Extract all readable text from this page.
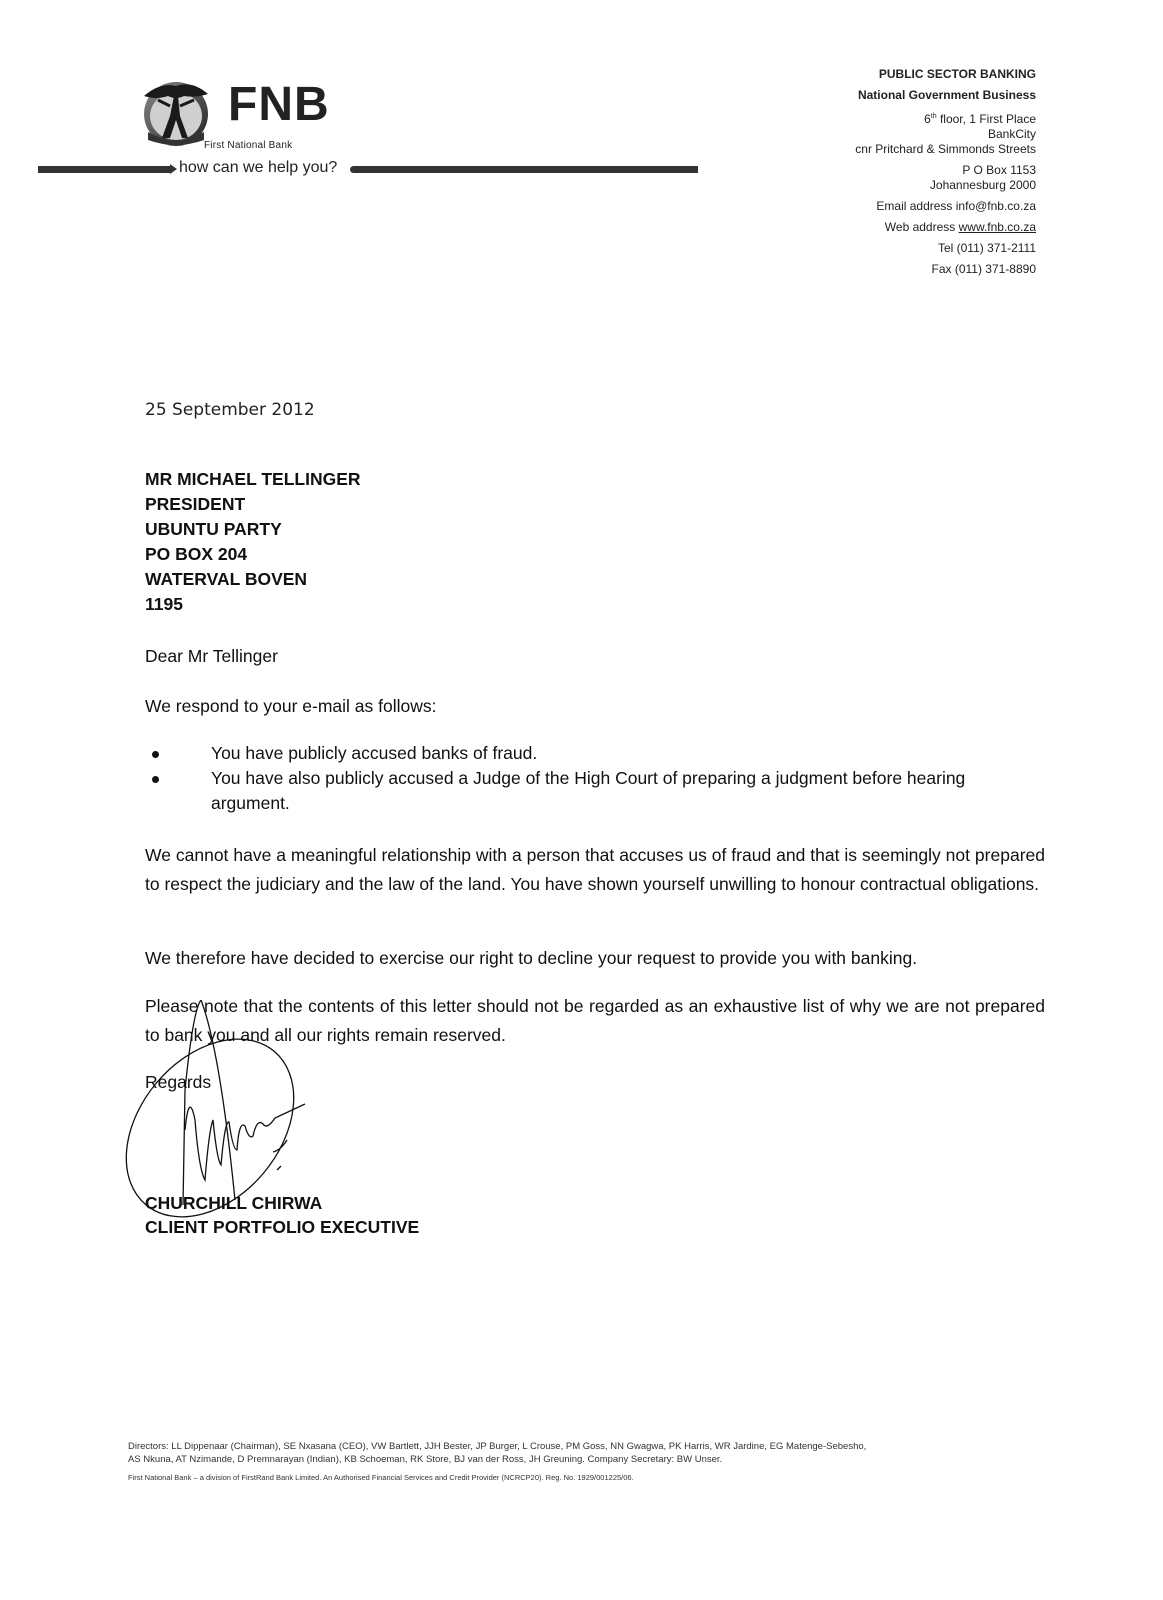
FNB
First National Bank
how can we help you?
PUBLIC SECTOR BANKING
National Government Business
6th floor, 1 First Place
BankCity
cnr Pritchard & Simmonds Streets
P O Box 1153
Johannesburg 2000
Email address info@fnb.co.za
Web address www.fnb.co.za
Tel (011) 371-2111
Fax (011) 371-8890
25 September 2012
MR MICHAEL TELLINGER
PRESIDENT
UBUNTU PARTY
PO BOX 204
WATERVAL BOVEN
1195
Dear Mr Tellinger
We respond to your e-mail as follows:
You have publicly accused banks of fraud.
You have also publicly accused a Judge of the High Court of preparing a judgment before hearing argument.
We cannot have a meaningful relationship with a person that accuses us of fraud and that is seemingly not prepared to respect the judiciary and the law of the land. You have shown yourself unwilling to honour contractual obligations.
We therefore have decided to exercise our right to decline your request to provide you with banking.
Please note that the contents of this letter should not be regarded as an exhaustive list of why we are not prepared to bank you and all our rights remain reserved.
Regards
CHURCHILL CHIRWA
CLIENT PORTFOLIO EXECUTIVE
Directors: LL Dippenaar (Chairman), SE Nxasana (CEO), VW Bartlett, JJH Bester, JP Burger, L Crouse, PM Goss, NN Gwagwa, PK Harris, WR Jardine, EG Matenge-Sebesho,
AS Nkuna, AT Nzimande, D Premnarayan (Indian), KB Schoeman, RK Store, BJ van der Ross, JH Greuning. Company Secretary: BW Unser.
First National Bank – a division of FirstRand Bank Limited. An Authorised Financial Services and Credit Provider (NCRCP20). Reg. No. 1929/001225/06.
